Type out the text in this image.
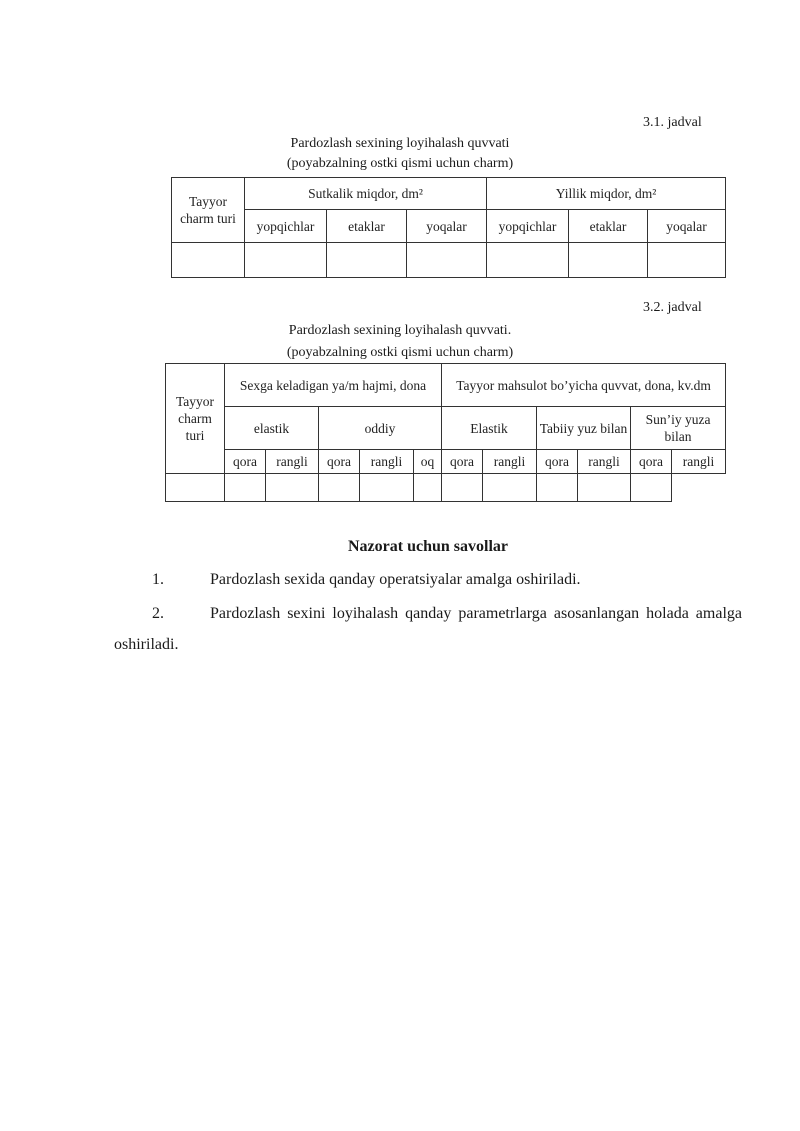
3.1. jadval
Pardozlash sexining loyihalash quvvati
(poyabzalning ostki qismi uchun charm)
Tayyor charm turi	Sutkalik miqdor, dm²			Yillik miqdor, dm²		
	yopqichlar	etaklar	yoqalar	yopqichlar	etaklar	yoqalar

3.2. jadval
Pardozlash sexining loyihalash quvvati.
(poyabzalning ostki qismi uchun charm)
Tayyor charm turi	Sexga keladigan ya/m hajmi, dona					Tayyor mahsulot bo’yicha quvvat, dona, kv.dm					
	elastik		oddiy			Elastik		Tabiiy yuz bilan		Sun’iy yuza bilan	
	qora	rangli	qora	rangli	oq	qora	rangli	qora	rangli	qora	rangli

Nazorat uchun savollar
1.	Pardozlash sexida qanday operatsiyalar amalga oshiriladi.
2.	Pardozlash sexini loyihalash qanday parametrlarga asosanlangan holada amalga oshiriladi.
